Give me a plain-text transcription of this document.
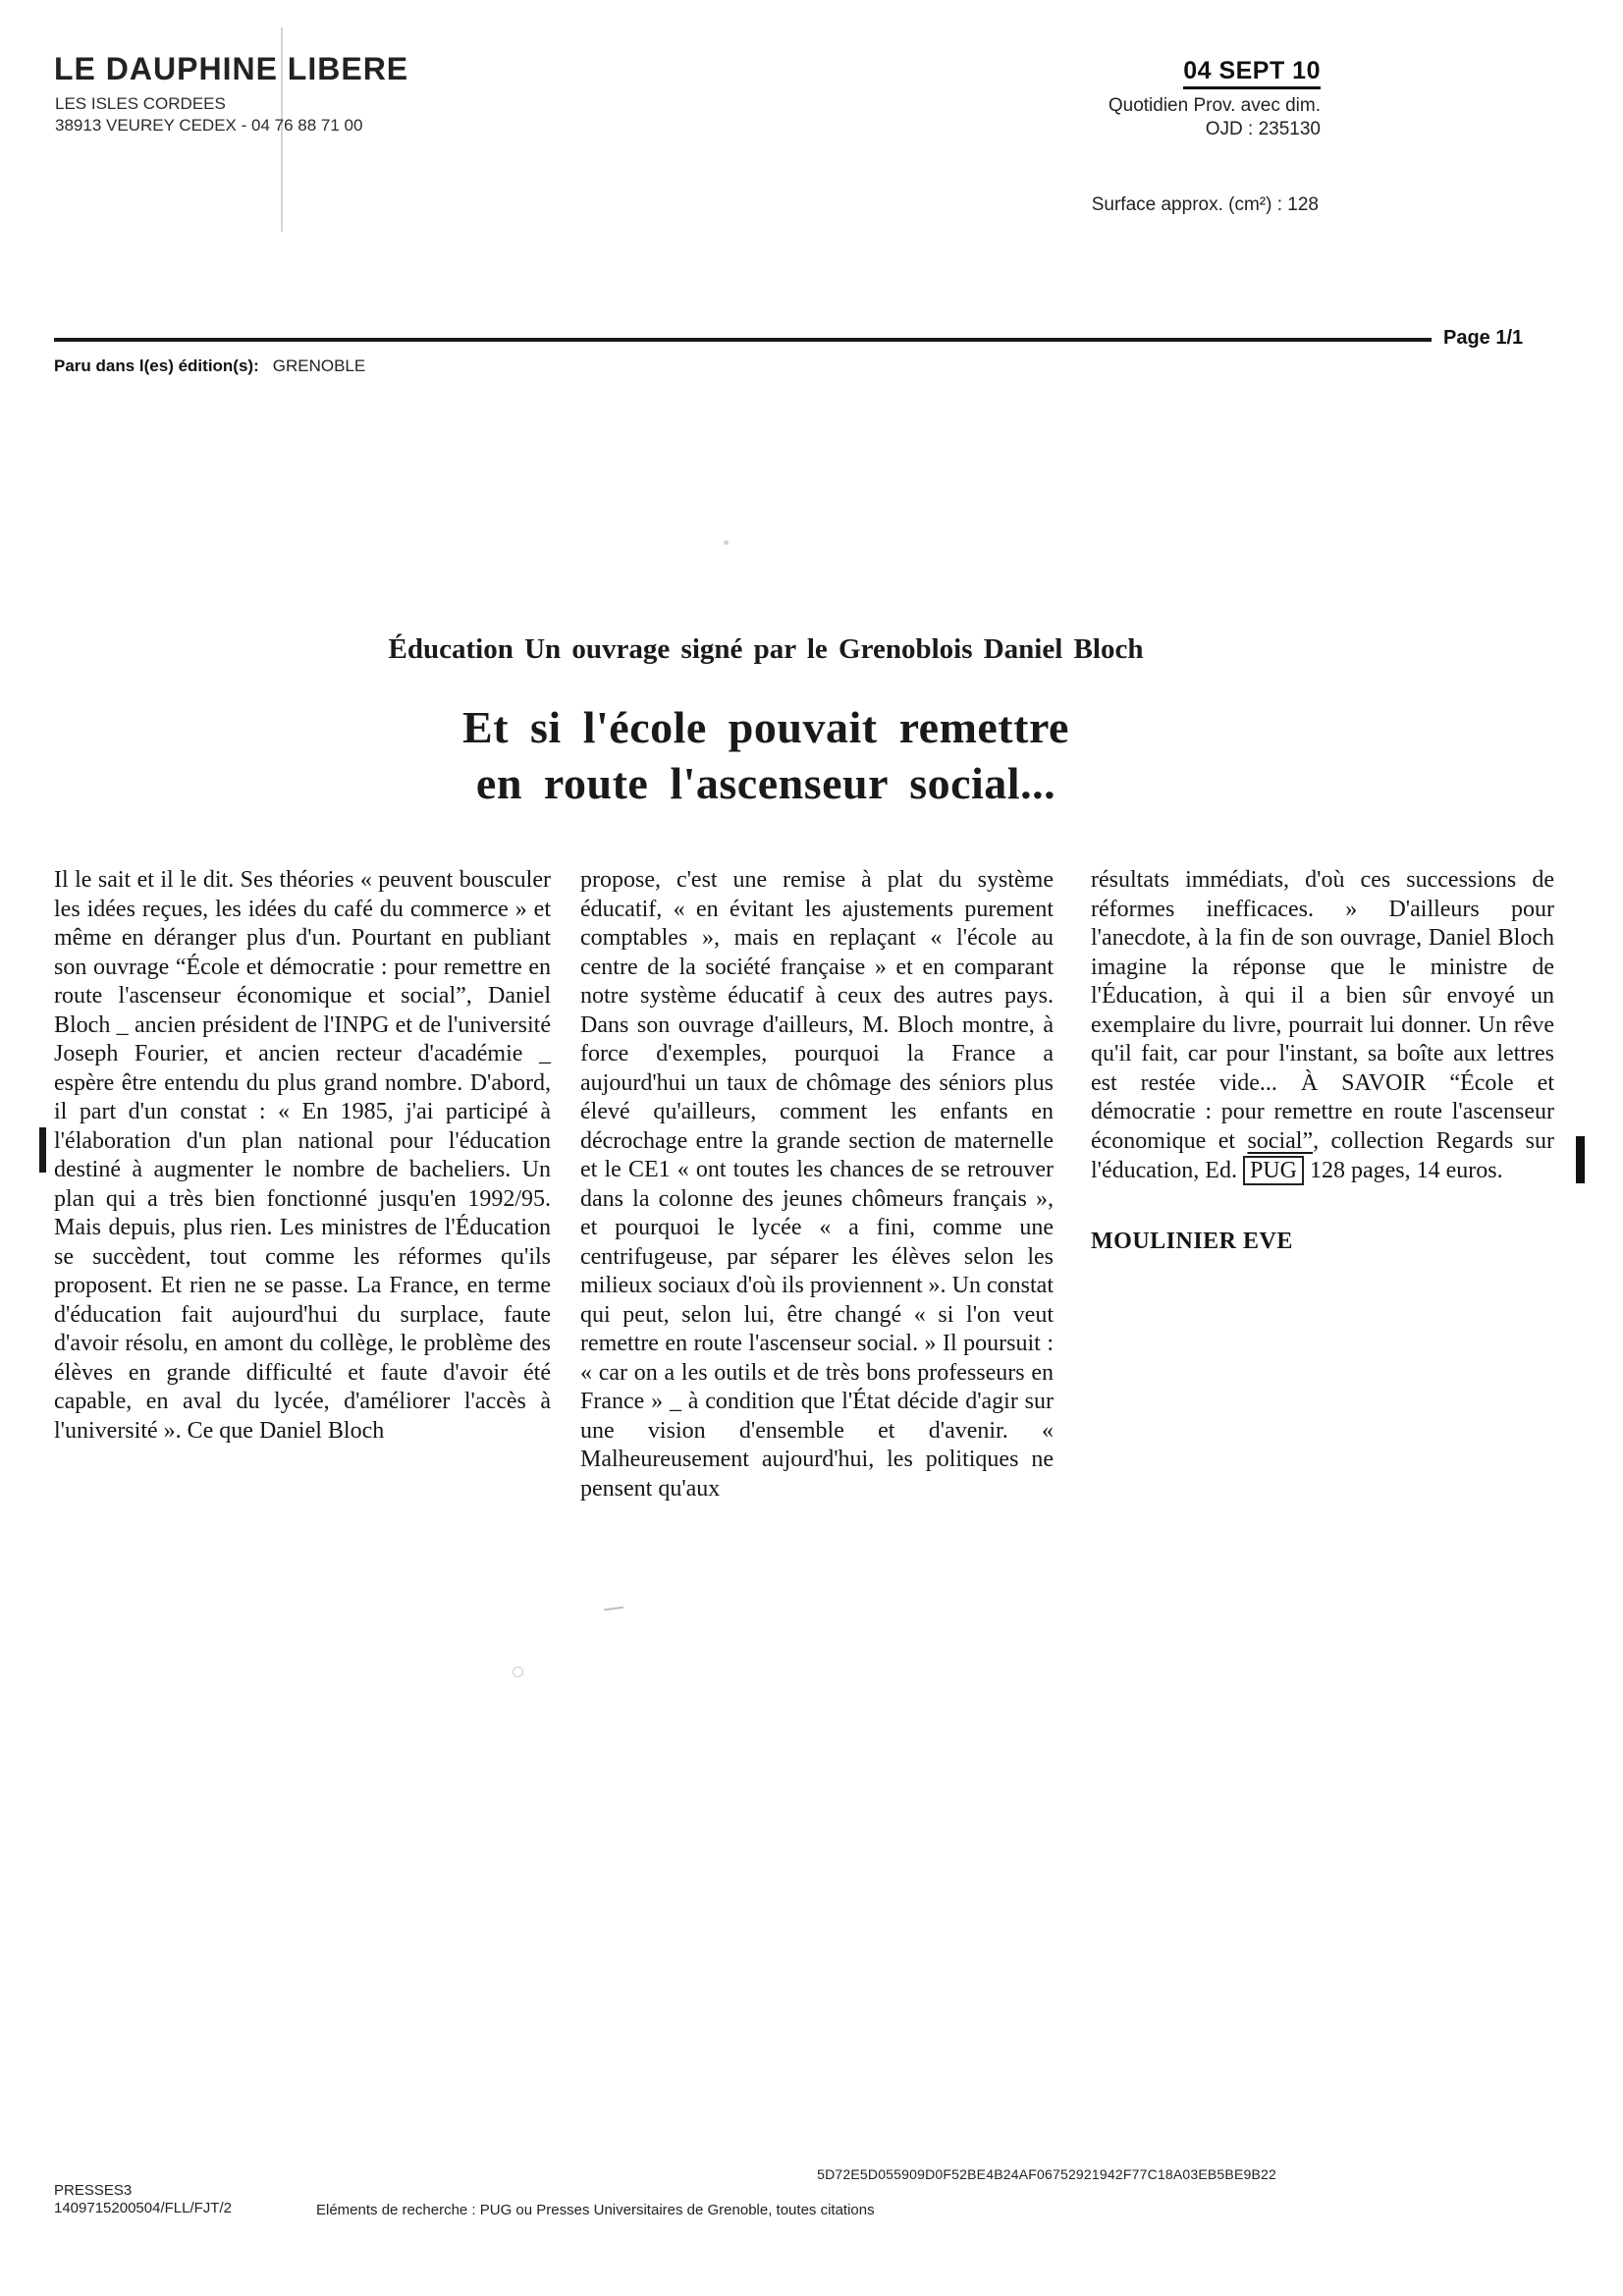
LE DAUPHINE LIBERE
LES ISLES CORDEES
38913 VEUREY CEDEX - 04 76 88 71 00
04 SEPT 10
Quotidien Prov. avec dim.
OJD : 235130
Surface approx. (cm²) : 128
Page 1/1
Paru dans l(es) édition(s): GRENOBLE
Éducation Un ouvrage signé par le Grenoblois Daniel Bloch
Et si l'école pouvait remettre
en route l'ascenseur social...
Il le sait et il le dit. Ses théories « peuvent bousculer les idées reçues, les idées du café du commerce » et même en déranger plus d'un. Pourtant en publiant son ouvrage “École et démocratie : pour remettre en route l'ascenseur économique et social”, Daniel Bloch _ ancien président de l'INPG et de l'université Joseph Fourier, et ancien recteur d'académie _ espère être entendu du plus grand nombre. D'abord, il part d'un constat : « En 1985, j'ai participé à l'élaboration d'un plan national pour l'éducation destiné à augmenter le nombre de bacheliers. Un plan qui a très bien fonctionné jusqu'en 1992/95. Mais depuis, plus rien. Les ministres de l'Éducation se succèdent, tout comme les réformes qu'ils proposent. Et rien ne se passe. La France, en terme d'éducation fait aujourd'hui du surplace, faute d'avoir résolu, en amont du collège, le problème des élèves en grande difficulté et faute d'avoir été capable, en aval du lycée, d'améliorer l'accès à l'université ». Ce que Daniel Bloch
propose, c'est une remise à plat du système éducatif, « en évitant les ajustements purement comptables », mais en replaçant « l'école au centre de la société française » et en comparant notre système éducatif à ceux des autres pays. Dans son ouvrage d'ailleurs, M. Bloch montre, à force d'exemples, pourquoi la France a aujourd'hui un taux de chômage des séniors plus élevé qu'ailleurs, comment les enfants en décrochage entre la grande section de maternelle et le CE1 « ont toutes les chances de se retrouver dans la colonne des jeunes chômeurs français », et pourquoi le lycée « a fini, comme une centrifugeuse, par séparer les élèves selon les milieux sociaux d'où ils proviennent ». Un constat qui peut, selon lui, être changé « si l'on veut remettre en route l'ascenseur social. » Il poursuit : « car on a les outils et de très bons professeurs en France » _ à condition que l'État décide d'agir sur une vision d'ensemble et d'avenir. « Malheureusement aujourd'hui, les politiques ne pensent qu'aux

résultats immédiats, d'où ces successions de réformes inefficaces. » D'ailleurs pour l'anecdote, à la fin de son ouvrage, Daniel Bloch imagine la réponse que le ministre de l'Éducation, à qui il a bien sûr envoyé un exemplaire du livre, pourrait lui donner. Un rêve qu'il fait, car pour l'instant, sa boîte aux lettres est restée vide... À SAVOIR “École et démocratie : pour remettre en route l'ascenseur économique et social”, collection Regards sur l'éducation, Ed. PUG 128 pages, 14 euros.

MOULINIER EVE

5D72E5D055909D0F52BE4B24AF06752921942F77C18A03EB5BE9B22
PRESSES3
1409715200504/FLL/FJT/2	Eléments de recherche : PUG ou Presses Universitaires de Grenoble, toutes citations
